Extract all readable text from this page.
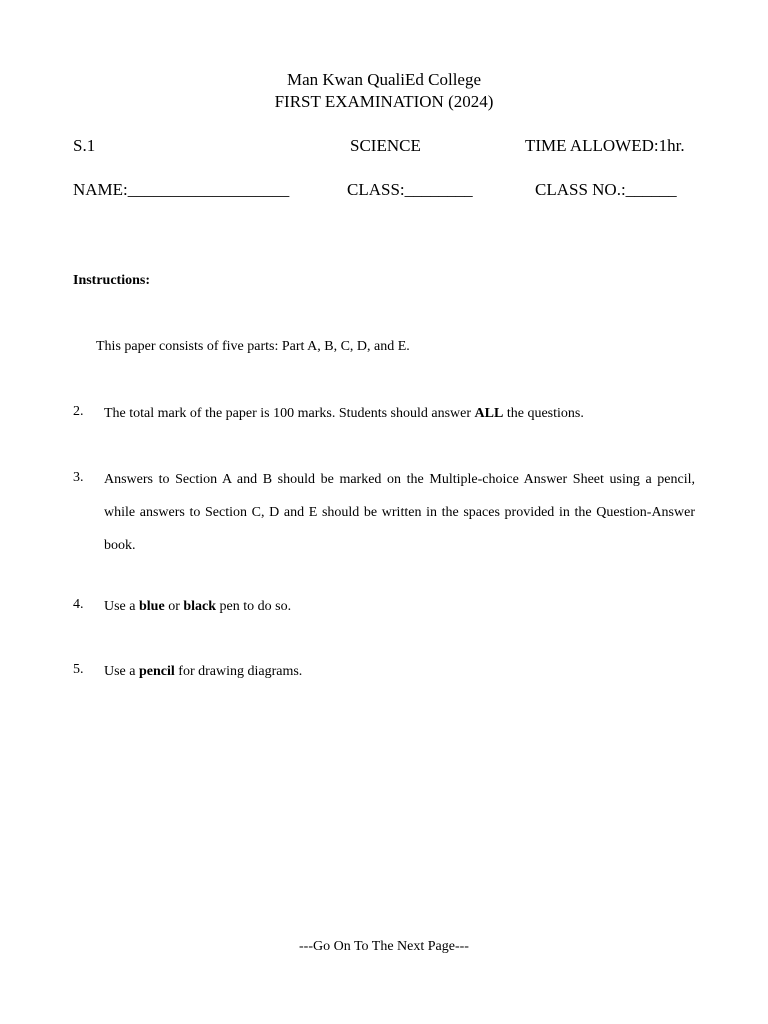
Man Kwan QualiEd College
FIRST EXAMINATION (2024)
S.1	SCIENCE	TIME ALLOWED:1hr.
NAME:___________________	CLASS:________	CLASS NO.:______
Instructions:
This paper consists of five parts: Part A, B, C, D, and E.
2. The total mark of the paper is 100 marks. Students should answer ALL the questions.
3. Answers to Section A and B should be marked on the Multiple-choice Answer Sheet using a pencil, while answers to Section C, D and E should be written in the spaces provided in the Question-Answer book.
4. Use a blue or black pen to do so.
5. Use a pencil for drawing diagrams.
---Go On To The Next Page---
